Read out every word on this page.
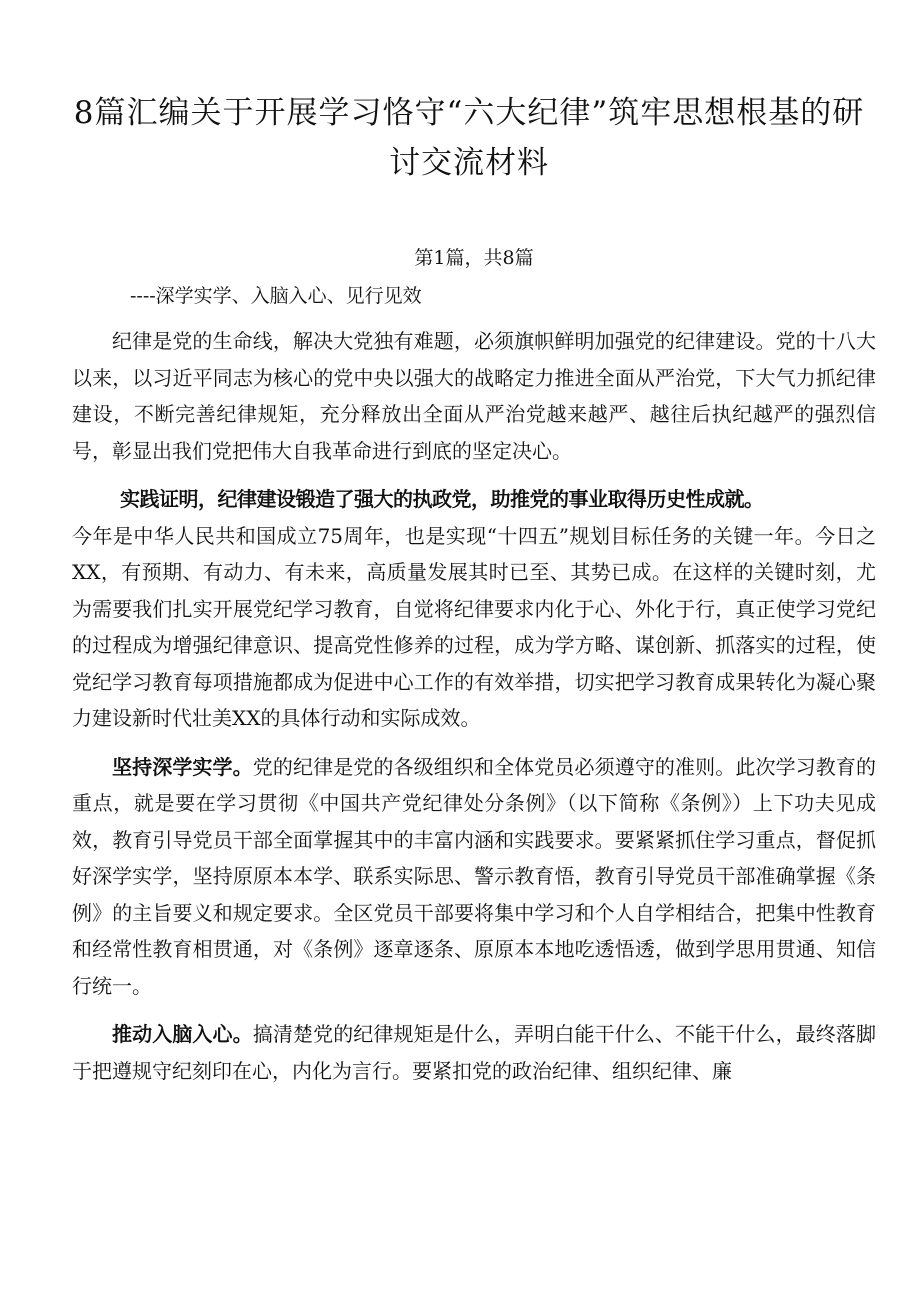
8篇汇编关于开展学习恪守“六大纪律”筑牢思想根基的研讨交流材料
第1篇，共8篇
----深学实学、入脑入心、见行见效

纪律是党的生命线，解决大党独有难题，必须旗帜鲜明加强党的纪律建设。党的十八大以来，以习近平同志为核心的党中央以强大的战略定力推进全面从严治党，下大气力抓纪律建设，不断完善纪律规矩，充分释放出全面从严治党越来越严、越往后执纪越严的强烈信号，彰显出我们党把伟大自我革命进行到底的坚定决心。

实践证明，纪律建设锻造了强大的执政党，助推党的事业取得历史性成就。

今年是中华人民共和国成立75周年，也是实现“十四五”规划目标任务的关键一年。今日之XX，有预期、有动力、有未来，高质量发展其时已至、其势已成。在这样的关键时刻，尤为需要我们扎实开展党纪学习教育，自觉将纪律要求内化于心、外化于行，真正使学习党纪的过程成为增强纪律意识、提高党性修养的过程，成为学方略、谋创新、抓落实的过程，使党纪学习教育每项措施都成为促进中心工作的有效举措，切实把学习教育成果转化为凝心聚力建设新时代壮美XX的具体行动和实际成效。

坚持深学实学。党的纪律是党的各级组织和全体党员必须遵守的准则。此次学习教育的重点，就是要在学习贯彻《中国共产党纪律处分条例》（以下简称《条例》）上下功夫见成效，教育引导党员干部全面掌握其中的丰富内涵和实践要求。要紧紧抓住学习重点，督促抓好深学实学，坚持原原本本学、联系实际思、警示教育悟，教育引导党员干部准确掌握《条例》的主旨要义和规定要求。全区党员干部要将集中学习和个人自学相结合，把集中性教育和经常性教育相贯通，对《条例》逐章逐条、原原本本地吃透悟透，做到学思用贯通、知信行统一。

推动入脑入心。搞清楚党的纪律规矩是什么，弄明白能干什么、不能干什么，最终落脚于把遵规守纪刻印在心，内化为言行。要紧扣党的政治纪律、组织纪律、廉
